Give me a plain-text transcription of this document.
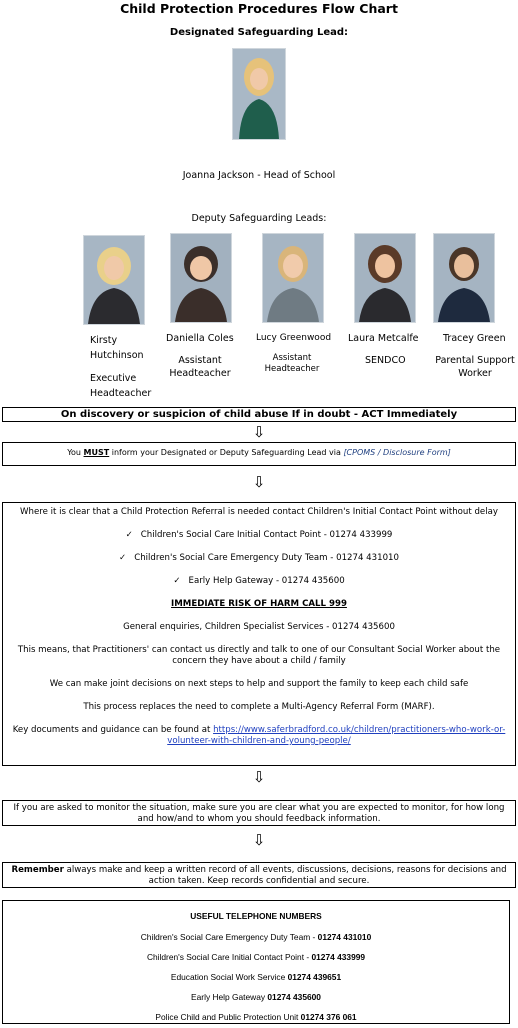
Child Protection Procedures Flow Chart
Designated Safeguarding Lead:
Joanna Jackson - Head of School
Deputy Safeguarding Leads:
Kirsty Hutchinson
Executive Headteacher
Daniella Coles
Assistant Headteacher
Lucy Greenwood
Assistant Headteacher
Laura Metcalfe
SENDCO
Tracey Green
Parental Support Worker
On discovery or suspicion of child abuse If in doubt - ACT Immediately
⇩
You MUST inform your Designated or Deputy Safeguarding Lead via [CPOMS / Disclosure Form]
⇩
Where it is clear that a Child Protection Referral is needed contact Children's Initial Contact Point without delay
✓ Children's Social Care Initial Contact Point - 01274 433999
✓ Children's Social Care Emergency Duty Team - 01274 431010
✓ Early Help Gateway - 01274 435600
IMMEDIATE RISK OF HARM CALL 999
General enquiries, Children Specialist Services - 01274 435600
This means, that Practitioners' can contact us directly and talk to one of our Consultant Social Worker about the concern they have about a child / family
We can make joint decisions on next steps to help and support the family to keep each child safe
This process replaces the need to complete a Multi-Agency Referral Form (MARF).
Key documents and guidance can be found at https://www.saferbradford.co.uk/children/practitioners-who-work-or-volunteer-with-children-and-young-people/
⇩
If you are asked to monitor the situation, make sure you are clear what you are expected to monitor, for how long and how/and to whom you should feedback information.
⇩
Remember always make and keep a written record of all events, discussions, decisions, reasons for decisions and action taken. Keep records confidential and secure.
USEFUL TELEPHONE NUMBERS
Children's Social Care Emergency Duty Team - 01274 431010
Children's Social Care Initial Contact Point - 01274 433999
Education Social Work Service 01274 439651
Early Help Gateway 01274 435600
Police Child and Public Protection Unit 01274 376 061
